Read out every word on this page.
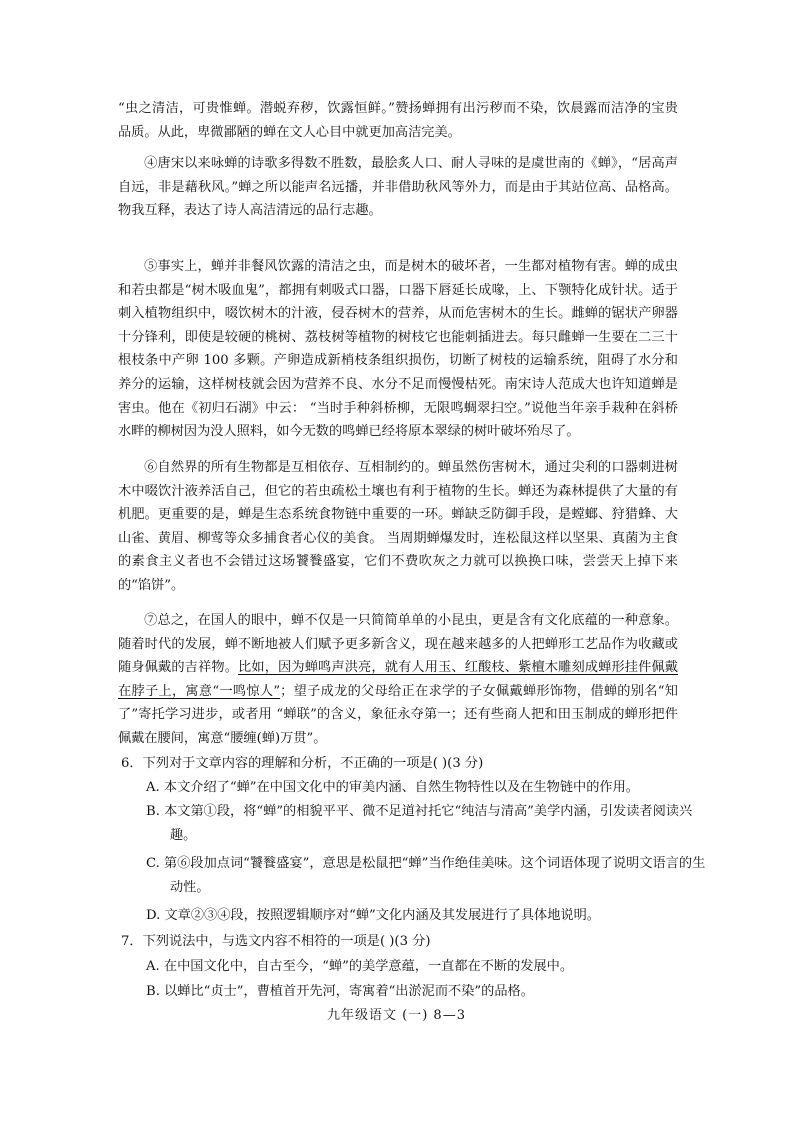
“虫之清洁，可贵惟蝉。潜蜕弃秽，饮露恒鲜。”赞扬蝉拥有出污秽而不染，饮晨露而洁净的宝贵品质。从此，卑微鄙陋的蝉在文人心目中就更加高洁完美。

④唐宋以来咏蝉的诗歌多得数不胜数，最脍炙人口、耐人寻味的是虞世南的《蝉》，“居高声自远，非是藉秋风。”蝉之所以能声名远播，并非借助秋风等外力，而是由于其站位高、品格高。物我互释，表达了诗人高洁清远的品行志趣。

⑤事实上，蝉并非餐风饮露的清洁之虫，而是树木的破坏者，一生都对植物有害。蝉的成虫和若虫都是“树木吸血鬼”，都拥有刺吸式口器，口器下唇延长成喙，上、下颚特化成针状。适于刺入植物组织中，啜饮树木的汁液，侵吞树木的营养，从而危害树木的生长。雌蝉的锯状产卵器十分锋利，即使是较硬的桃树、荔枝树等植物的树枝它也能刺插进去。每只雌蝉一生要在二三十根枝条中产卵 100 多颗。产卵造成新梢枝条组织损伤，切断了树枝的运输系统，阻碍了水分和养分的运输，这样树枝就会因为营养不良、水分不足而慢慢枯死。南宋诗人范成大也许知道蝉是害虫。他在《初归石湖》中云： “当时手种斜桥柳，无限鸣蜩翠扫空。”说他当年亲手栽种在斜桥水畔的柳树因为没人照料，如今无数的鸣蝉已经将原本翠绿的树叶破坏殆尽了。

⑥自然界的所有生物都是互相依存、互相制约的。蝉虽然伤害树木，通过尖利的口器刺进树木中啜饮汁液养活自己，但它的若虫疏松土壤也有利于植物的生长。蝉还为森林提供了大量的有机肥。更重要的是，蝉是生态系统食物链中重要的一环。蝉缺乏防御手段，是螳螂、狩猎蜂、大山雀、黄眉、柳莺等众多捕食者心仪的美食。 当周期蝉爆发时，连松鼠这样以坚果、真菌为主食的素食主义者也不会错过这场饕餮盛宴，它们不费吹灰之力就可以换换口味，尝尝天上掉下来的“馅饼”。

⑦总之，在国人的眼中，蝉不仅是一只简简单单的小昆虫，更是含有文化底蕴的一种意象。随着时代的发展，蝉不断地被人们赋予更多新含义，现在越来越多的人把蝉形工艺品作为收藏或随身佩戴的吉祥物。比如，因为蝉鸣声洪亮，就有人用玉、红酸枝、紫檀木雕刻成蝉形挂件佩戴在脖子上，寓意“一鸣惊人”；望子成龙的父母给正在求学的子女佩戴蝉形饰物，借蝉的别名“知了”寄托学习进步，或者用 “蝉联”的含义，象征永夺第一；还有些商人把和田玉制成的蝉形把件佩戴在腰间，寓意“腰缠(蝉)万贯”。

6．下列对于文章内容的理解和分析，不正确的一项是( )(3 分)

A. 本文介绍了“蝉”在中国文化中的审美内涵、自然生物特性以及在生物链中的作用。

B. 本文第①段，将“蝉”的相貌平平、微不足道衬托它“纯洁与清高”美学内涵，引发读者阅读兴趣。

C. 第⑥段加点词“饕餮盛宴”，意思是松鼠把“蝉”当作绝佳美味。这个词语体现了说明文语言的生动性。

D. 文章②③④段，按照逻辑顺序对“蝉”文化内涵及其发展进行了具体地说明。

7．下列说法中，与选文内容不相符的一项是( )(3 分)

A. 在中国文化中，自古至今，“蝉”的美学意蕴，一直都在不断的发展中。

B. 以蝉比“贞士”，曹植首开先河，寄寓着“出淤泥而不染”的品格。

九年级语文 (一) 8—3
